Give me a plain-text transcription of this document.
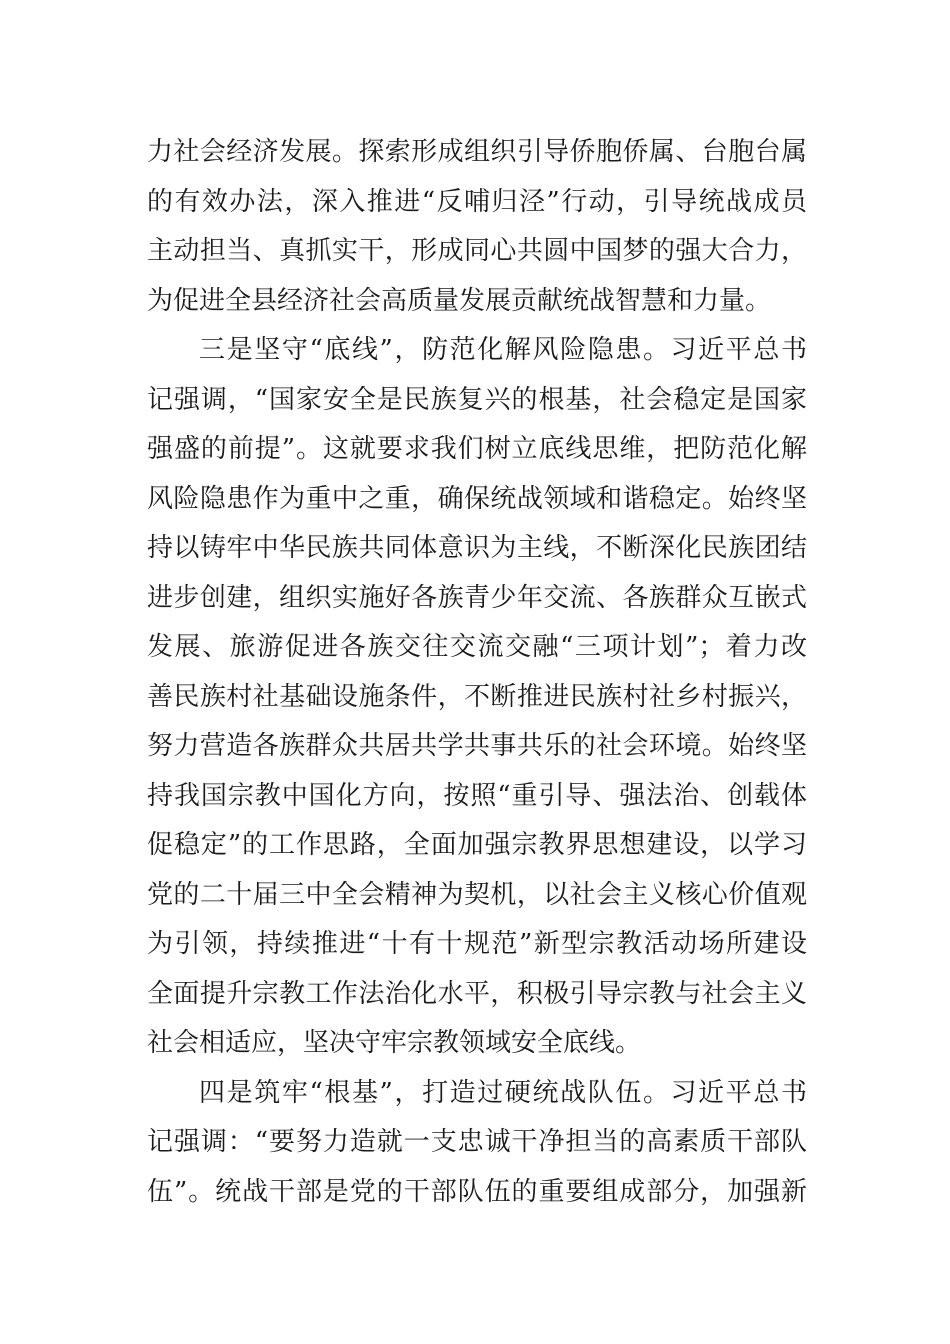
力社会经济发展。探索形成组织引导侨胞侨属、台胞台属
的有效办法，深入推进“反哺归泾”行动，引导统战成员
主动担当、真抓实干，形成同心共圆中国梦的强大合力，
为促进全县经济社会高质量发展贡献统战智慧和力量。
三是坚守“底线”，防范化解风险隐患。习近平总书
记强调，“国家安全是民族复兴的根基，社会稳定是国家
强盛的前提”。这就要求我们树立底线思维，把防范化解
风险隐患作为重中之重，确保统战领域和谐稳定。始终坚
持以铸牢中华民族共同体意识为主线，不断深化民族团结
进步创建，组织实施好各族青少年交流、各族群众互嵌式
发展、旅游促进各族交往交流交融“三项计划”；着力改
善民族村社基础设施条件，不断推进民族村社乡村振兴，
努力营造各族群众共居共学共事共乐的社会环境。始终坚
持我国宗教中国化方向，按照“重引导、强法治、创载体
促稳定”的工作思路，全面加强宗教界思想建设，以学习
党的二十届三中全会精神为契机，以社会主义核心价值观
为引领，持续推进“十有十规范”新型宗教活动场所建设
全面提升宗教工作法治化水平，积极引导宗教与社会主义
社会相适应，坚决守牢宗教领域安全底线。
四是筑牢“根基”，打造过硬统战队伍。习近平总书
记强调：“要努力造就一支忠诚干净担当的高素质干部队
伍”。统战干部是党的干部队伍的重要组成部分，加强新
